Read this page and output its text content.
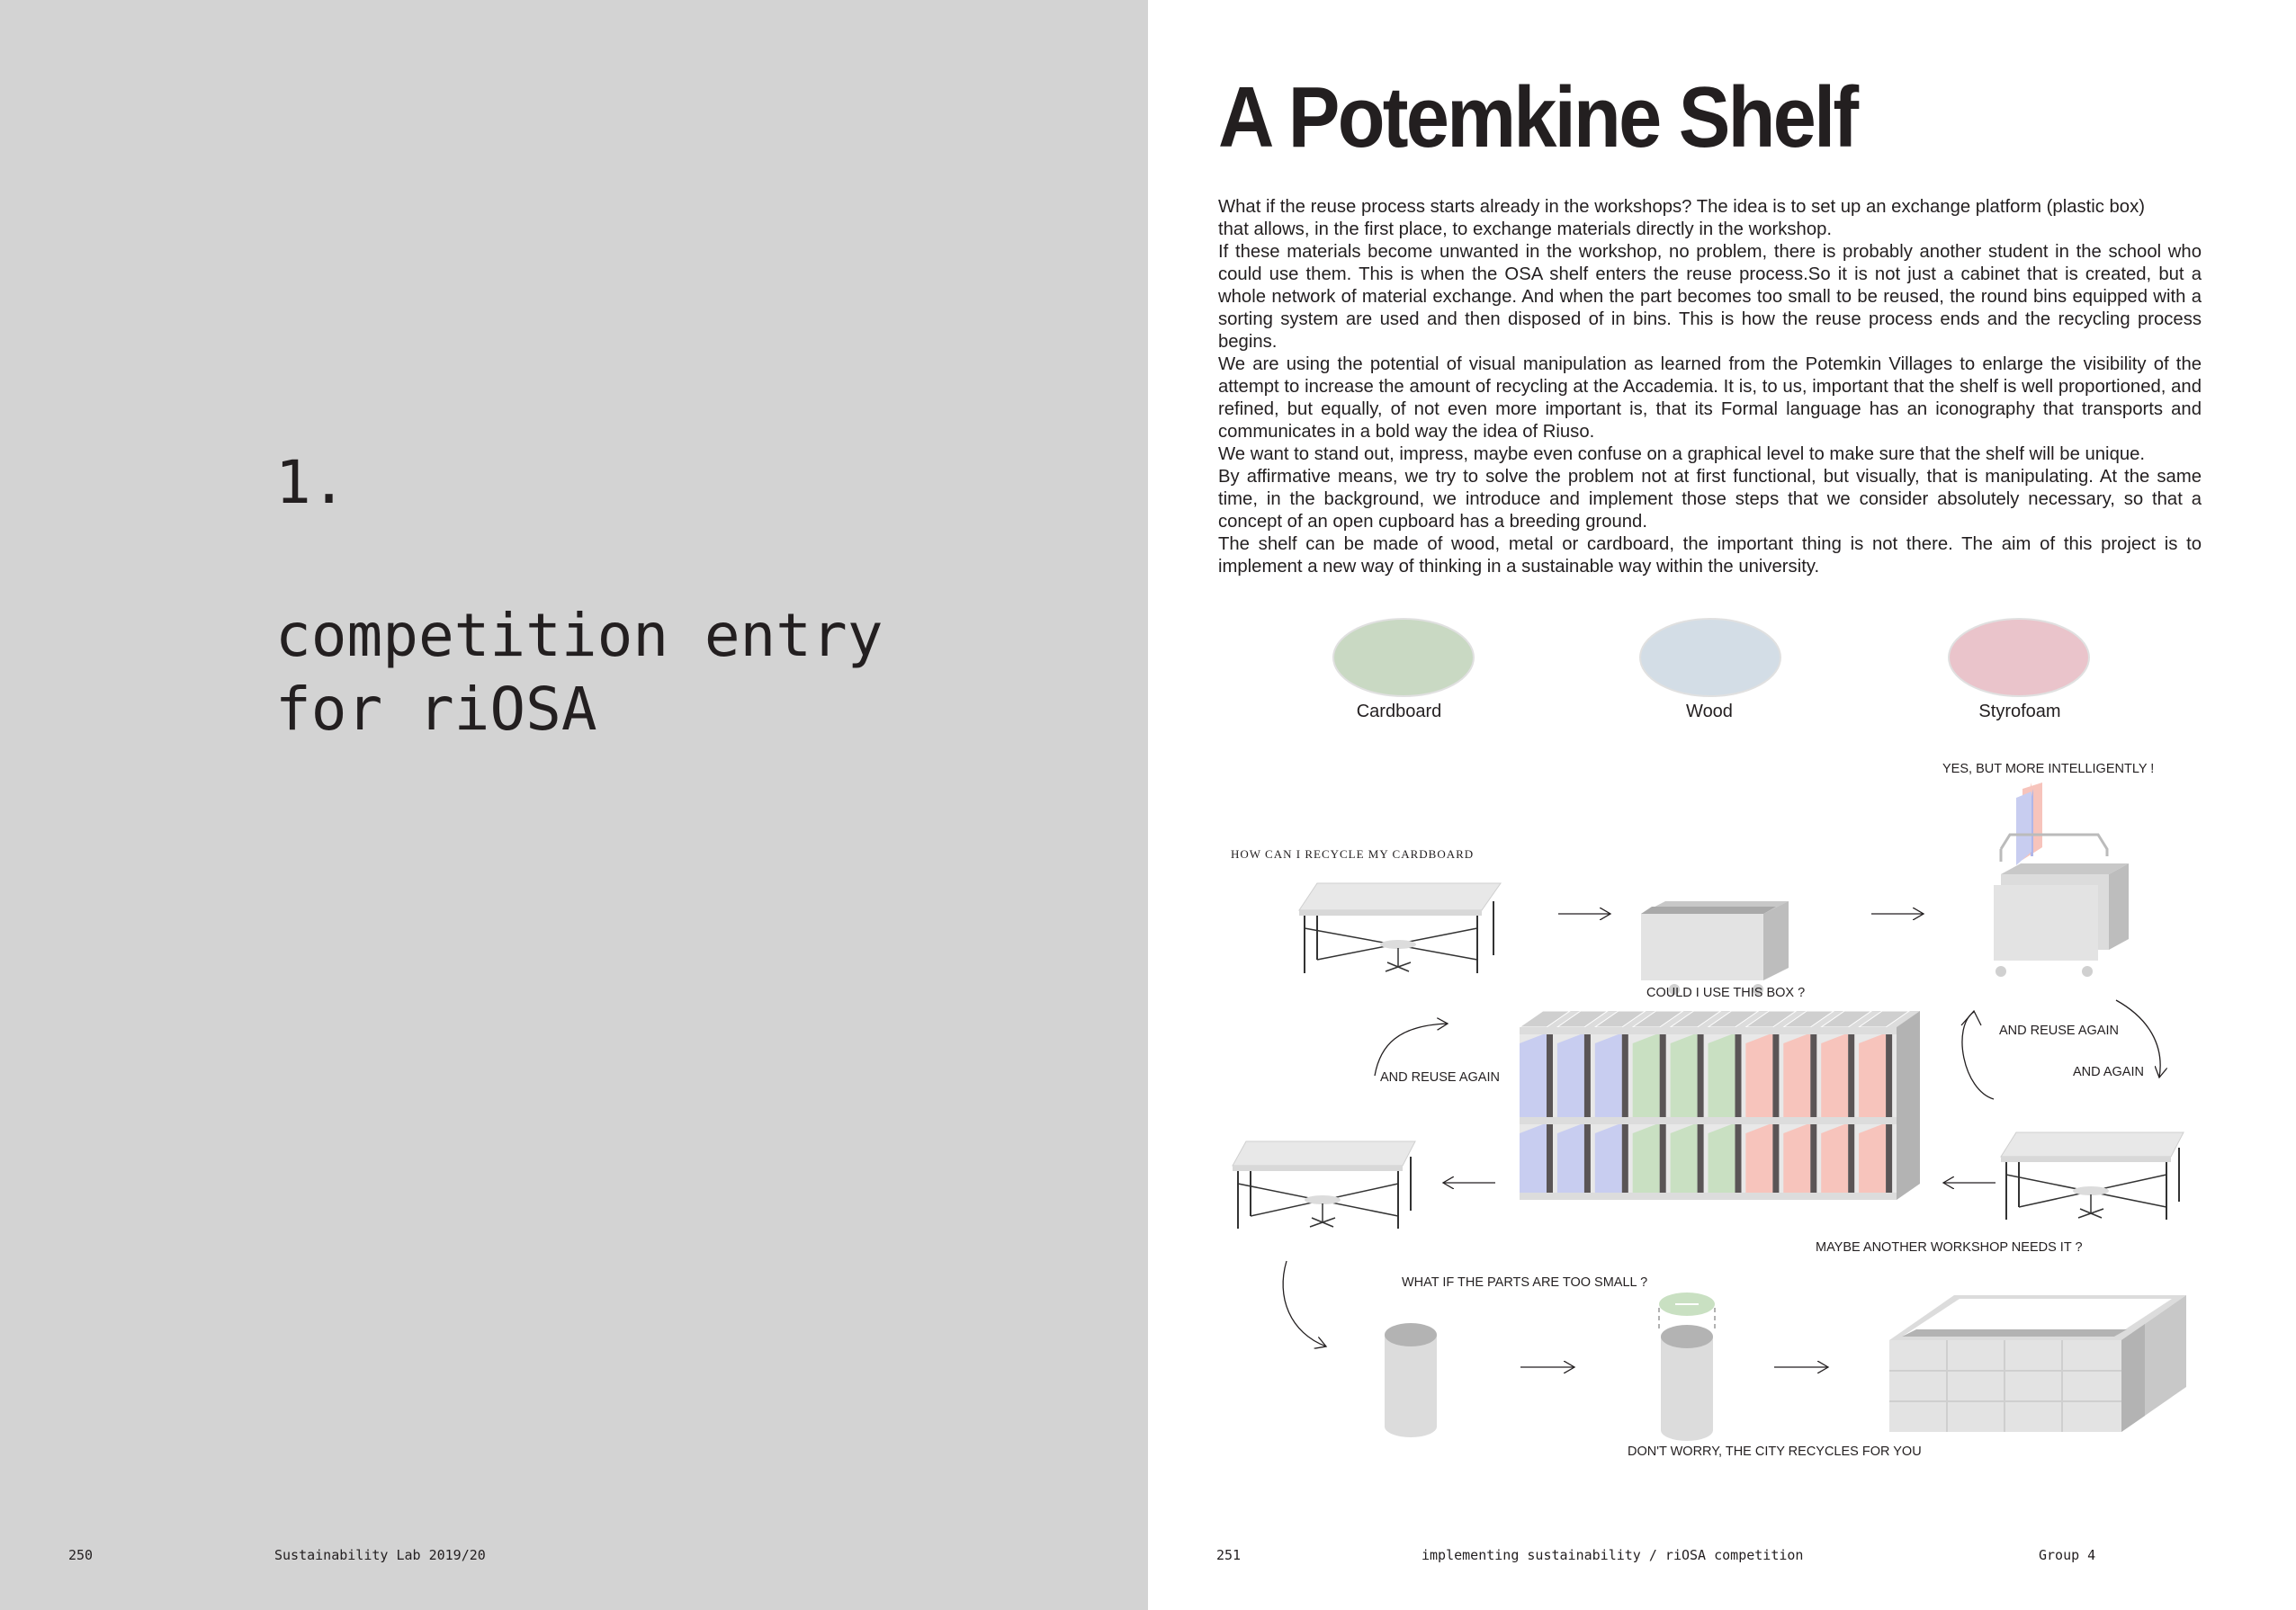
1.
competition entry
for riOSA
250	Sustainability Lab 2019/20
A Potemkine Shelf

What if the reuse process starts already in the workshops? The idea is to set up an exchange platform (plastic box)

that allows, in the first place, to exchange materials directly in the workshop.

If these materials become unwanted in the workshop, no problem, there is probably another student in the school who could use them. This is when the OSA shelf enters the reuse process.So it is not just a cabinet that is created, but a whole network of material exchange. And when the part becomes too small to be reused, the round bins equipped with a sorting system are used and then disposed of in bins. This is how the reuse process ends and the recycling process begins.

We are using the potential of visual manipulation as learned from the Potemkin Villages to enlarge the visibility of the attempt to increase the amount of recycling at the Accademia. It is, to us, important that the shelf is well proportioned, and refined, but equally, of not even more important is, that its Formal language has an iconography that transports and communicates in a bold way the idea of Riuso.

We want to stand out, impress, maybe even confuse on a graphical level to make sure that the shelf will be unique.

By affirmative means, we try to solve the problem not at first functional, but visually, that is manipulating. At the same time, in the background, we introduce and implement those steps that we consider absolutely necessary, so that a concept of an open cupboard has a breeding ground.

The shelf can be made of wood, metal or cardboard, the important thing is not there. The aim of this project is to implement a new way of thinking in a sustainable way within the university.

Cardboard	Wood	Styrofoam
HOW CAN I RECYCLE MY CARDBOARD
COULD I USE THIS BOX ?
YES, BUT MORE INTELLIGENTLY !
AND REUSE AGAIN
AND REUSE AGAIN
AND AGAIN
MAYBE ANOTHER WORKSHOP NEEDS IT ?
WHAT IF THE PARTS ARE TOO SMALL ?
DON'T WORRY, THE CITY RECYCLES FOR YOU
251	implementing sustainability / riOSA competition	Group 4
